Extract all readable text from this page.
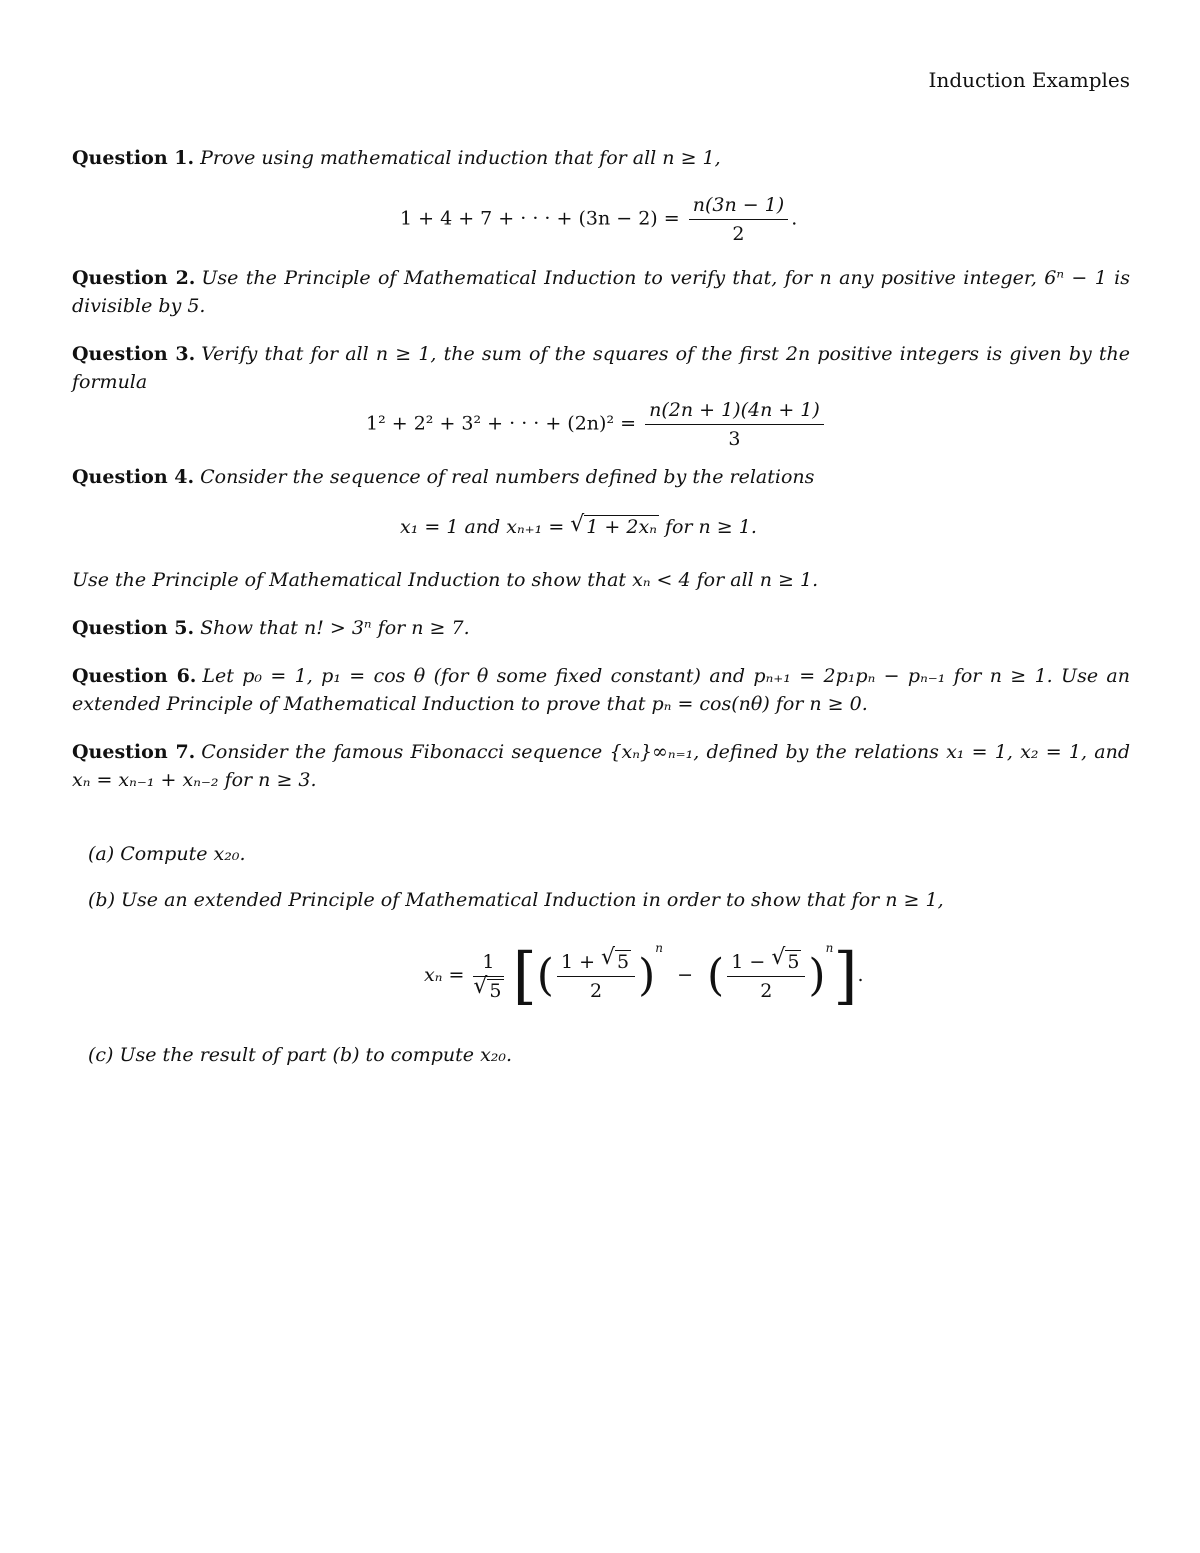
Induction Examples
Question 1. Prove using mathematical induction that for all n ≥ 1,
1 + 4 + 7 + · · · + $(3n - 2) = \frac{n(3n - 1)}{2}$ .
Question 2. Use the Principle of Mathematical Induction to verify that, for n any positive integer, 6ⁿ − 1 is divisible by 5.
Question 3. Verify that for all n ≥ 1, the sum of the squares of the first 2n positive integers is given by the formula
1² + 2² + 3² + · · · + $(2n)^2 = \frac{n(2n + 1)(4n + 1)}{3}$
Question 4. Consider the sequence of real numbers defined by the relations
x₁ = 1 and xₙ₊₁ = √ 1 + 2xₙ for n ≥ 1.
Use the Principle of Mathematical Induction to show that xₙ < 4 for all n ≥ 1.
Question 5. Show that n! > 3ⁿ for n ≥ 7.
Question 6. Let p₀ = 1, p₁ = cos θ (for θ some fixed constant) and pₙ₊₁ = 2p₁pₙ − pₙ₋₁ for n ≥ 1. Use an extended Principle of Mathematical Induction to prove that pₙ = cos(nθ) for n ≥ 0.
Question 7. Consider the famous Fibonacci sequence {xₙ}∞ₙ₌₁, defined by the relations x₁ = 1, x₂ = 1, and xₙ = xₙ₋₁ + xₙ₋₂ for n ≥ 3.
(a) Compute x₂₀.
(b) Use an extended Principle of Mathematical Induction in order to show that for n ≥ 1,
$x_n = \frac{1}{√ 5}$ [( $\frac{1 + √ 5}{2} )^n$ − ( $\frac{1 - √ 5}{2} )^n$].
(c) Use the result of part (b) to compute x₂₀.
